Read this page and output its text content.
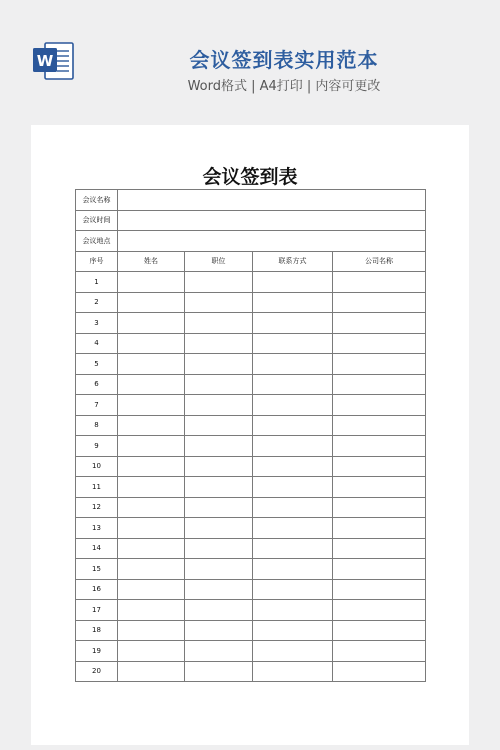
W	会议签到表实用范本
Word格式 | A4打印 | 内容可更改
会议签到表
会议名称				
会议时间				
会议地点				
序号	姓名	职位	联系方式	公司名称
1				
2				
3				
4				
5				
6				
7				
8				
9				
10				
11				
12				
13				
14				
15				
16				
17				
18				
19				
20				
